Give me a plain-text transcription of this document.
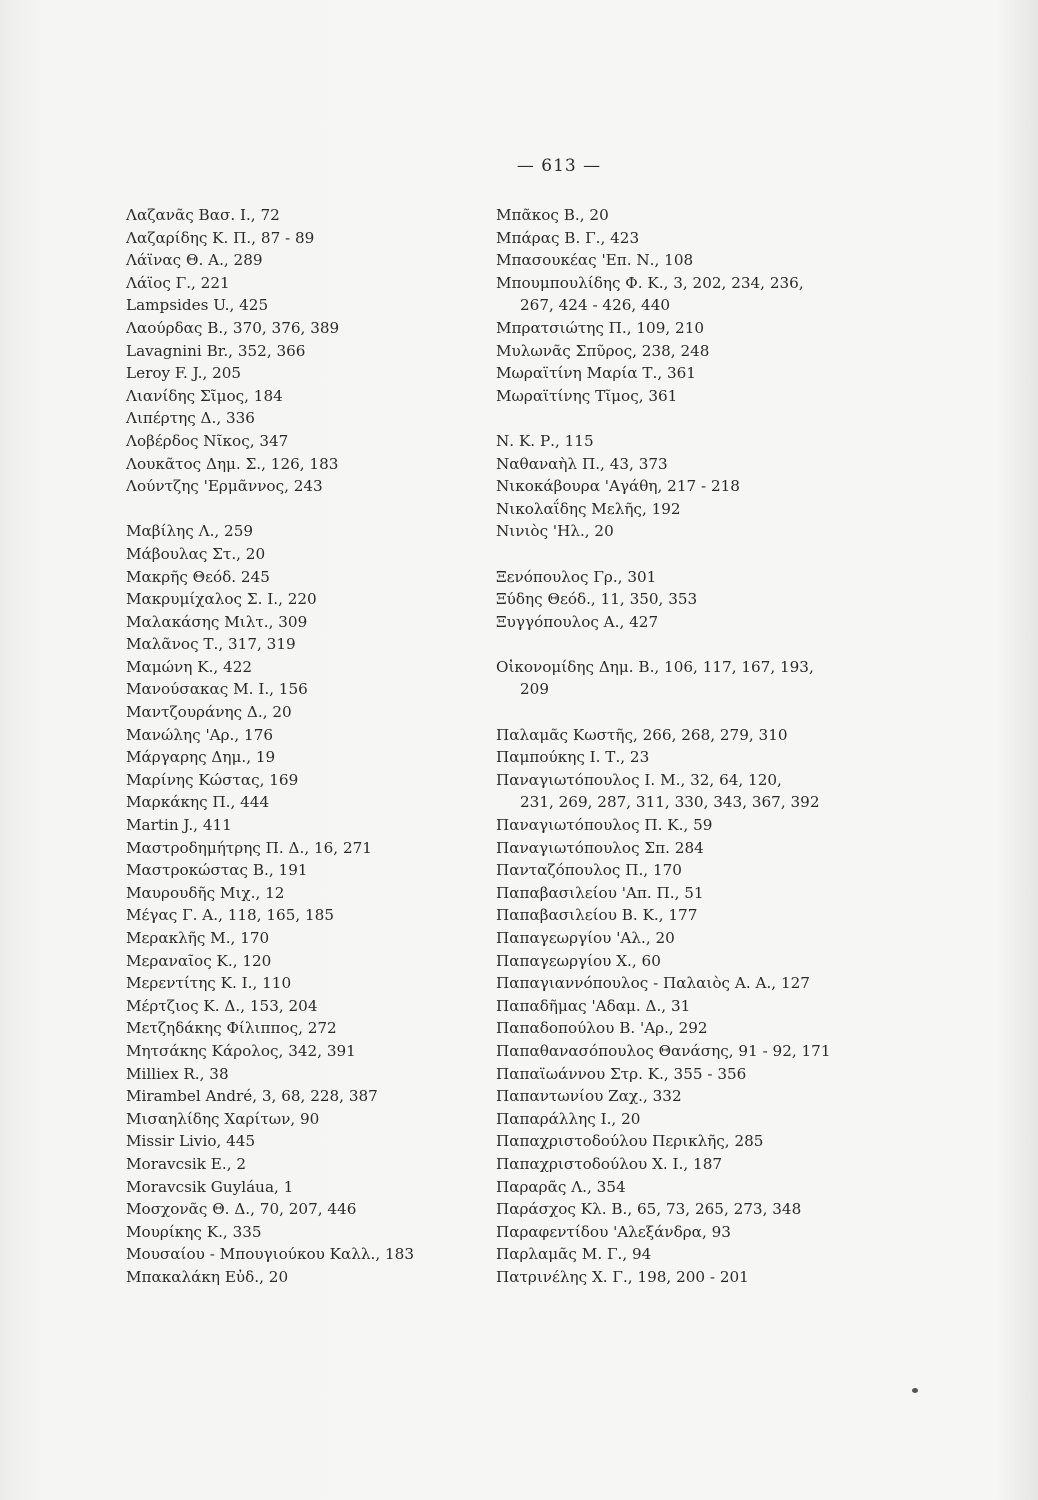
— 613 —
Λαζανᾶς Βασ. Ι., 72
Λαζαρίδης Κ. Π., 87 - 89
Λάϊνας Θ. Α., 289
Λάϊος Γ., 221
Lampsides U., 425
Λαούρδας Β., 370, 376, 389
Lavagnini Br., 352, 366
Leroy F. J., 205
Λιανίδης Σῖμος, 184
Λιπέρτης Δ., 336
Λοβέρδος Νῖκος, 347
Λουκᾶτος Δημ. Σ., 126, 183
Λούντζης 'Ερμᾶννος, 243
Μαβίλης Λ., 259
Μάβουλας Στ., 20
Μακρῆς Θεόδ. 245
Μακρυμίχαλος Σ. Ι., 220
Μαλακάσης Μιλτ., 309
Μαλᾶνος Τ., 317, 319
Μαμώνη Κ., 422
Μανούσακας Μ. Ι., 156
Μαντζουράνης Δ., 20
Μανώλης 'Αρ., 176
Μάργαρης Δημ., 19
Μαρίνης Κώστας, 169
Μαρκάκης Π., 444
Martin J., 411
Μαστροδημήτρης Π. Δ., 16, 271
Μαστροκώστας Β., 191
Μαυρουδῆς Μιχ., 12
Μέγας Γ. Α., 118, 165, 185
Μερακλῆς Μ., 170
Μεραναῖος Κ., 120
Μερεντίτης Κ. Ι., 110
Μέρτζιος Κ. Δ., 153, 204
Μετζηδάκης Φίλιππος, 272
Μητσάκης Κάρολος, 342, 391
Milliex R., 38
Mirambel André, 3, 68, 228, 387
Μισαηλίδης Χαρίτων, 90
Missir Livio, 445
Moravcsik E., 2
Moravcsik Guyláua, 1
Μοσχονᾶς Θ. Δ., 70, 207, 446
Μουρίκης Κ., 335
Μουσαίου - Μπουγιούκου Καλλ., 183
Μπακαλάκη Εὐδ., 20
Μπᾶκος Β., 20
Μπάρας Β. Γ., 423
Μπασουκέας 'Επ. Ν., 108
Μπουμπουλίδης Φ. Κ., 3, 202, 234, 236,
267, 424 - 426, 440
Μπρατσιώτης Π., 109, 210
Μυλωνᾶς Σπῦρος, 238, 248
Μωραϊτίνη Μαρία Τ., 361
Μωραϊτίνης Τῖμος, 361
Ν. Κ. Ρ., 115
Ναθαναὴλ Π., 43, 373
Νικοκάβουρα 'Αγάθη, 217 - 218
Νικολαΐδης Μελῆς, 192
Νινιὸς 'Ηλ., 20
Ξενόπουλος Γρ., 301
Ξύδης Θεόδ., 11, 350, 353
Ξυγγόπουλος Α., 427
Οἰκονομίδης Δημ. Β., 106, 117, 167, 193,
209
Παλαμᾶς Κωστῆς, 266, 268, 279, 310
Παμπούκης Ι. Τ., 23
Παναγιωτόπουλος Ι. Μ., 32, 64, 120,
231, 269, 287, 311, 330, 343, 367, 392
Παναγιωτόπουλος Π. Κ., 59
Παναγιωτόπουλος Σπ. 284
Πανταζόπουλος Π., 170
Παπαβασιλείου 'Απ. Π., 51
Παπαβασιλείου Β. Κ., 177
Παπαγεωργίου 'Αλ., 20
Παπαγεωργίου Χ., 60
Παπαγιαννόπουλος - Παλαιὸς Α. Α., 127
Παπαδῆμας 'Αδαμ. Δ., 31
Παπαδοπούλου Β. 'Αρ., 292
Παπαθανασόπουλος Θανάσης, 91 - 92, 171
Παπαϊωάννου Στρ. Κ., 355 - 356
Παπαντωνίου Ζαχ., 332
Παπαράλλης Ι., 20
Παπαχριστοδούλου Περικλῆς, 285
Παπαχριστοδούλου Χ. Ι., 187
Παραρᾶς Λ., 354
Παράσχος Κλ. Β., 65, 73, 265, 273, 348
Παραφεντίδου 'Αλεξάνδρα, 93
Παρλαμᾶς Μ. Γ., 94
Πατρινέλης Χ. Γ., 198, 200 - 201
